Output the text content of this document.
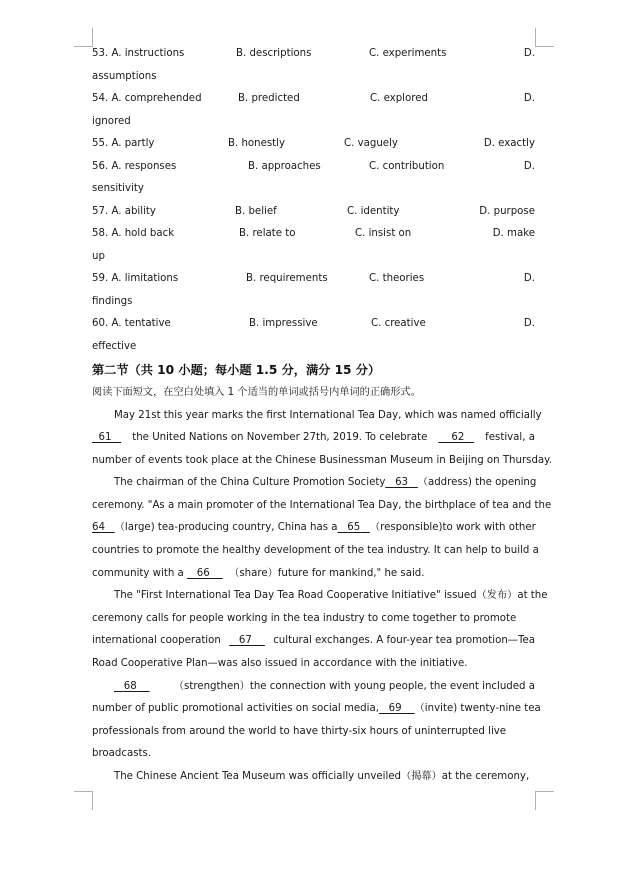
53. A. instructions	B. descriptions	C. experiments	D.
assumptions
54. A. comprehended	B. predicted	C. explored	D.
ignored
55. A. partly	B. honestly	C. vaguely	D. exactly
56. A. responses	B. approaches	C. contribution	D.
sensitivity
57. A. ability	B. belief	C. identity	D. purpose
58. A. hold back	B. relate to	C. insist on	D. make
up
59. A. limitations	B. requirements	C. theories	D.
findings
60. A. tentative	B. impressive	C. creative	D.
effective
第二节（共 10 小题；每小题 1.5 分，满分 15 分）
阅读下面短文，在空白处填入 1 个适当的单词或括号内单词的正确形式。
May 21st this year marks the first International Tea Day, which was named officially
61	the United Nations on November 27th, 2019. To celebrate	62	festival, a
number of events took place at the Chinese Businessman Museum in Beijing on Thursday.
The chairman of the China Culture Promotion Society 63 （address) the opening
ceremony. "As a main promoter of the International Tea Day, the birthplace of tea and the
64 （large) tea-producing country, China has a 65 （responsible)to work with other
countries to promote the healthy development of the tea industry. It can help to build a
community with a
	66
	（share）future for mankind," he said.
The "First International Tea Day Tea Road Cooperative Initiative" issued（发布）at the
ceremony calls for people working in the tea industry to come together to promote
international cooperation	67	cultural exchanges. A four-year tea promotion—Tea
Road Cooperative Plan—was also issued in accordance with the initiative.
68	（strengthen）the connection with young people, the event included a
number of public promotional activities on social media, 69	（invite) twenty-nine tea
professionals from around the world to have thirty-six hours of uninterrupted live
broadcasts.
The Chinese Ancient Tea Museum was officially unveiled（揭幕）at the ceremony,
